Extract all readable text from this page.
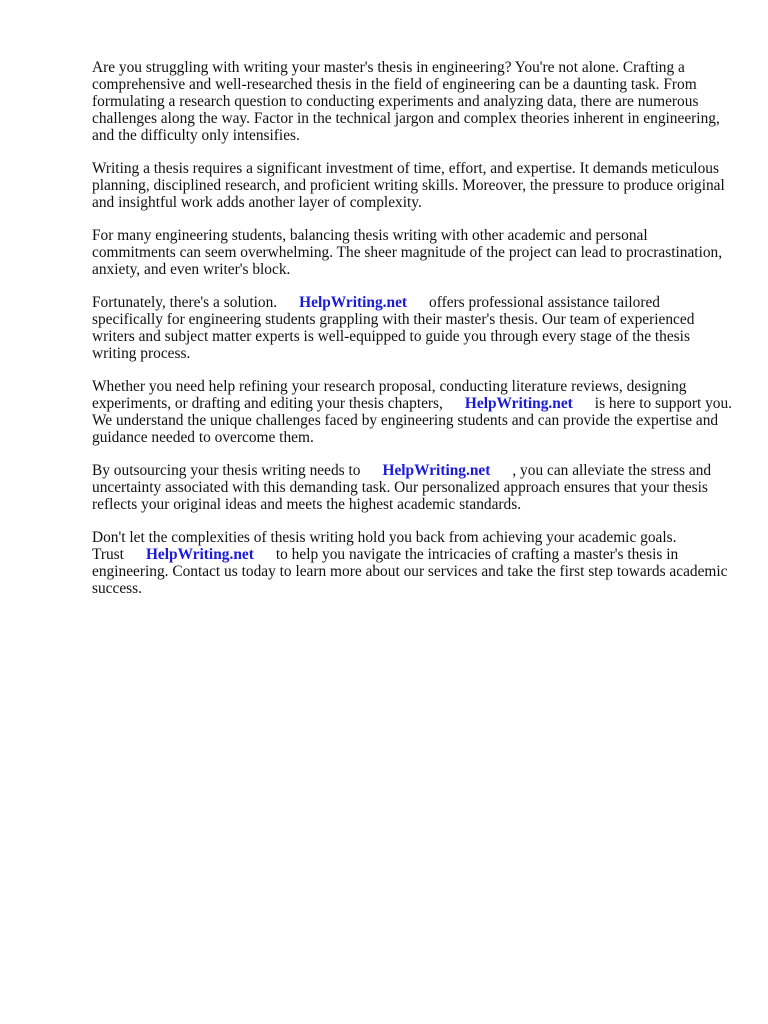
Are you struggling with writing your master's thesis in engineering? You're not alone. Crafting a comprehensive and well-researched thesis in the field of engineering can be a daunting task. From formulating a research question to conducting experiments and analyzing data, there are numerous challenges along the way. Factor in the technical jargon and complex theories inherent in engineering, and the difficulty only intensifies.

Writing a thesis requires a significant investment of time, effort, and expertise. It demands meticulous planning, disciplined research, and proficient writing skills. Moreover, the pressure to produce original and insightful work adds another layer of complexity.

For many engineering students, balancing thesis writing with other academic and personal commitments can seem overwhelming. The sheer magnitude of the project can lead to procrastination, anxiety, and even writer's block.

Fortunately, there's a solution. HelpWriting.net offers professional assistance tailored specifically for engineering students grappling with their master's thesis. Our team of experienced writers and subject matter experts is well-equipped to guide you through every stage of the thesis writing process.

Whether you need help refining your research proposal, conducting literature reviews, designing experiments, or drafting and editing your thesis chapters, HelpWriting.net is here to support you. We understand the unique challenges faced by engineering students and can provide the expertise and guidance needed to overcome them.

By outsourcing your thesis writing needs to HelpWriting.net , you can alleviate the stress and uncertainty associated with this demanding task. Our personalized approach ensures that your thesis reflects your original ideas and meets the highest academic standards.

Don't let the complexities of thesis writing hold you back from achieving your academic goals. Trust HelpWriting.net to help you navigate the intricacies of crafting a master's thesis in engineering. Contact us today to learn more about our services and take the first step towards academic success.
